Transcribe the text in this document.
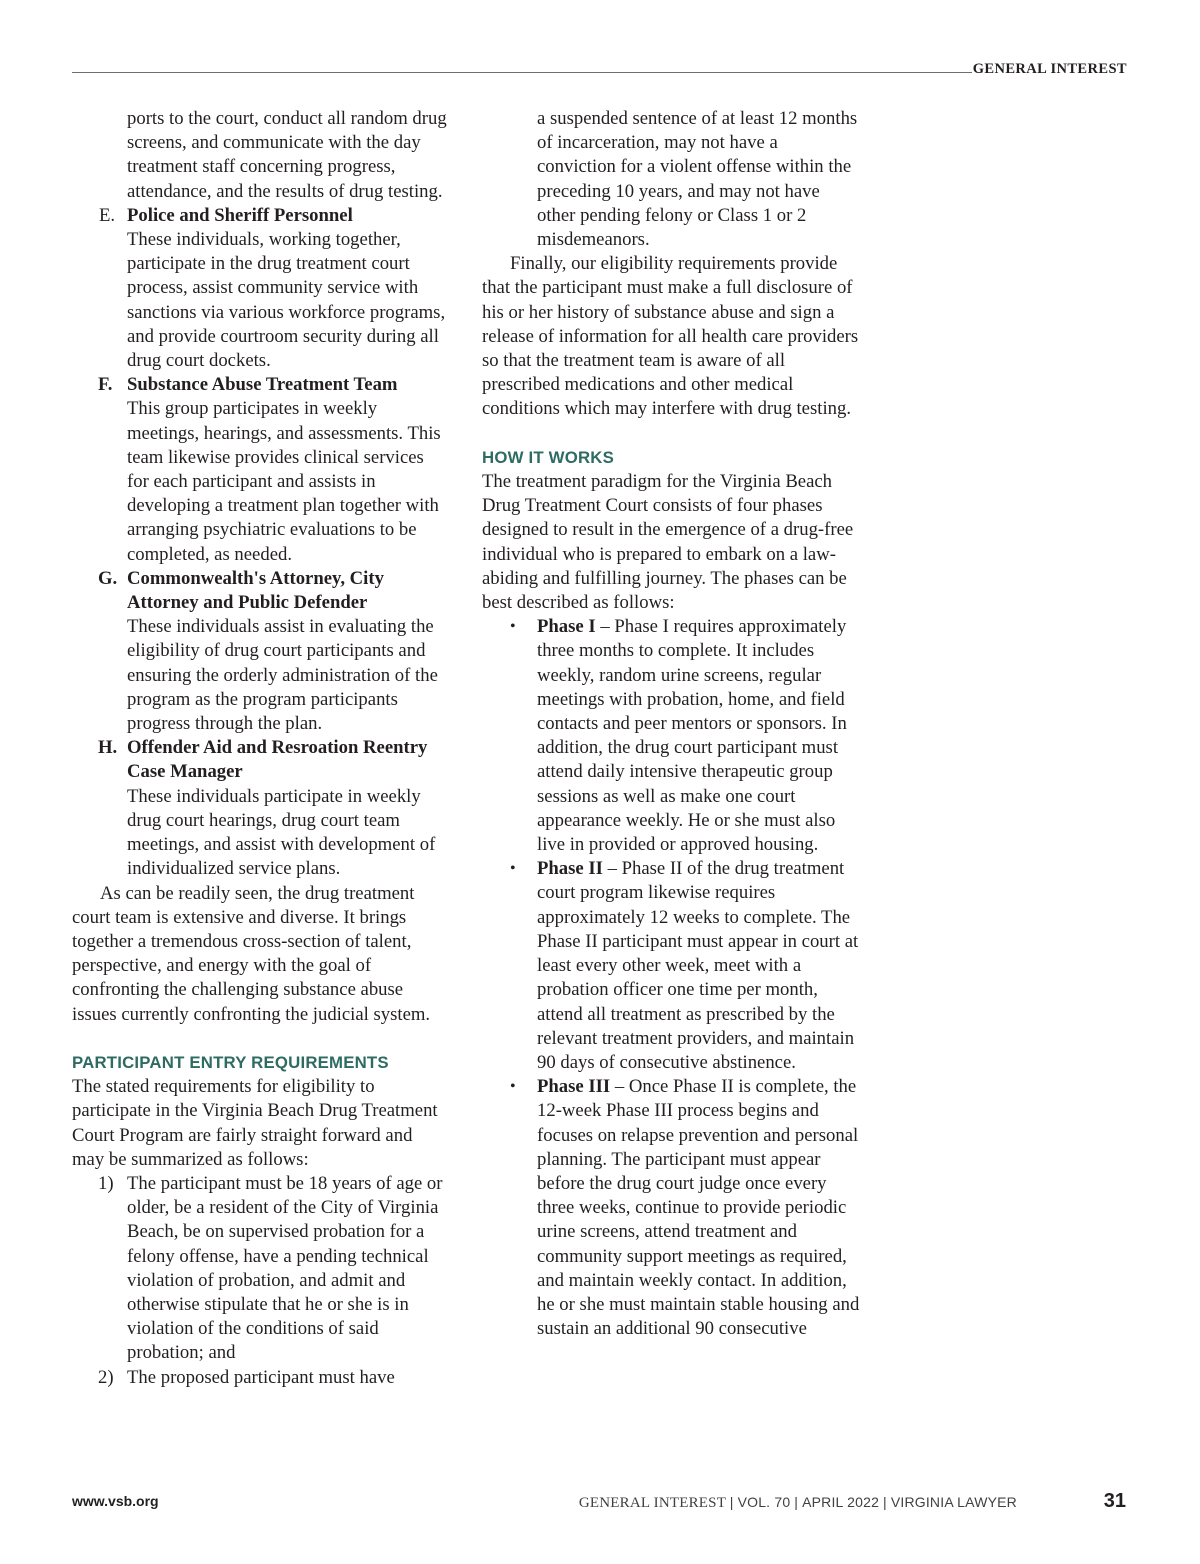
GENERAL INTEREST

ports to the court, conduct all random drug screens, and communicate with the day treatment staff concerning progress, attendance, and the results of drug testing.

E. Police and Sheriff Personnel
These individuals, working together, participate in the drug treatment court process, assist community service with sanctions via various workforce programs, and provide courtroom security during all drug court dockets.
F. Substance Abuse Treatment Team
This group participates in weekly meetings, hearings, and assessments. This team likewise provides clinical services for each participant and assists in developing a treatment plan together with arranging psychiatric evaluations to be completed, as needed.
G. Commonwealth's Attorney, City Attorney and Public Defender
These individuals assist in evaluating the eligibility of drug court participants and ensuring the orderly administration of the program as the program participants progress through the plan.
H. Offender Aid and Resroation Reentry Case Manager
These individuals participate in weekly drug court hearings, drug court team meetings, and assist with development of individualized service plans.

As can be readily seen, the drug treatment court team is extensive and diverse. It brings together a tremendous cross-section of talent, perspective, and energy with the goal of confronting the challenging substance abuse issues currently confronting the judicial system.

PARTICIPANT ENTRY REQUIREMENTS

The stated requirements for eligibility to participate in the Virginia Beach Drug Treatment Court Program are fairly straight forward and may be summarized as follows:

1) The participant must be 18 years of age or older, be a resident of the City of Virginia Beach, be on supervised probation for a felony offense, have a pending technical violation of probation, and admit and otherwise stipulate that he or she is in violation of the conditions of said probation; and
2) The proposed participant must have

a suspended sentence of at least 12 months of incarceration, may not have a conviction for a violent offense within the preceding 10 years, and may not have other pending felony or Class 1 or 2 misdemeanors.

Finally, our eligibility requirements provide that the participant must make a full disclosure of his or her history of substance abuse and sign a release of information for all health care providers so that the treatment team is aware of all prescribed medications and other medical conditions which may interfere with drug testing.

HOW IT WORKS

The treatment paradigm for the Virginia Beach Drug Treatment Court consists of four phases designed to result in the emergence of a drug-free individual who is prepared to embark on a law-abiding and fulfilling journey. The phases can be best described as follows:

•	Phase I – Phase I requires approximately three months to complete. It includes weekly, random urine screens, regular meetings with probation, home, and field contacts and peer mentors or sponsors. In addition, the drug court participant must attend daily intensive therapeutic group sessions as well as make one court appearance weekly. He or she must also live in provided or approved housing.
•	Phase II – Phase II of the drug treatment court program likewise requires approximately 12 weeks to complete. The Phase II participant must appear in court at least every other week, meet with a probation officer one time per month, attend all treatment as prescribed by the relevant treatment providers, and maintain 90 days of consecutive abstinence.
•	Phase III – Once Phase II is complete, the 12-week Phase III process begins and focuses on relapse prevention and personal planning. The participant must appear before the drug court judge once every three weeks, continue to provide periodic urine screens, attend treatment and community support meetings as required, and maintain weekly contact. In addition, he or she must maintain stable housing and sustain an additional 90 consecutive
www.vsb.org	GENERAL INTEREST | VOL. 70 | APRIL 2022 | VIRGINIA LAWYER	31
